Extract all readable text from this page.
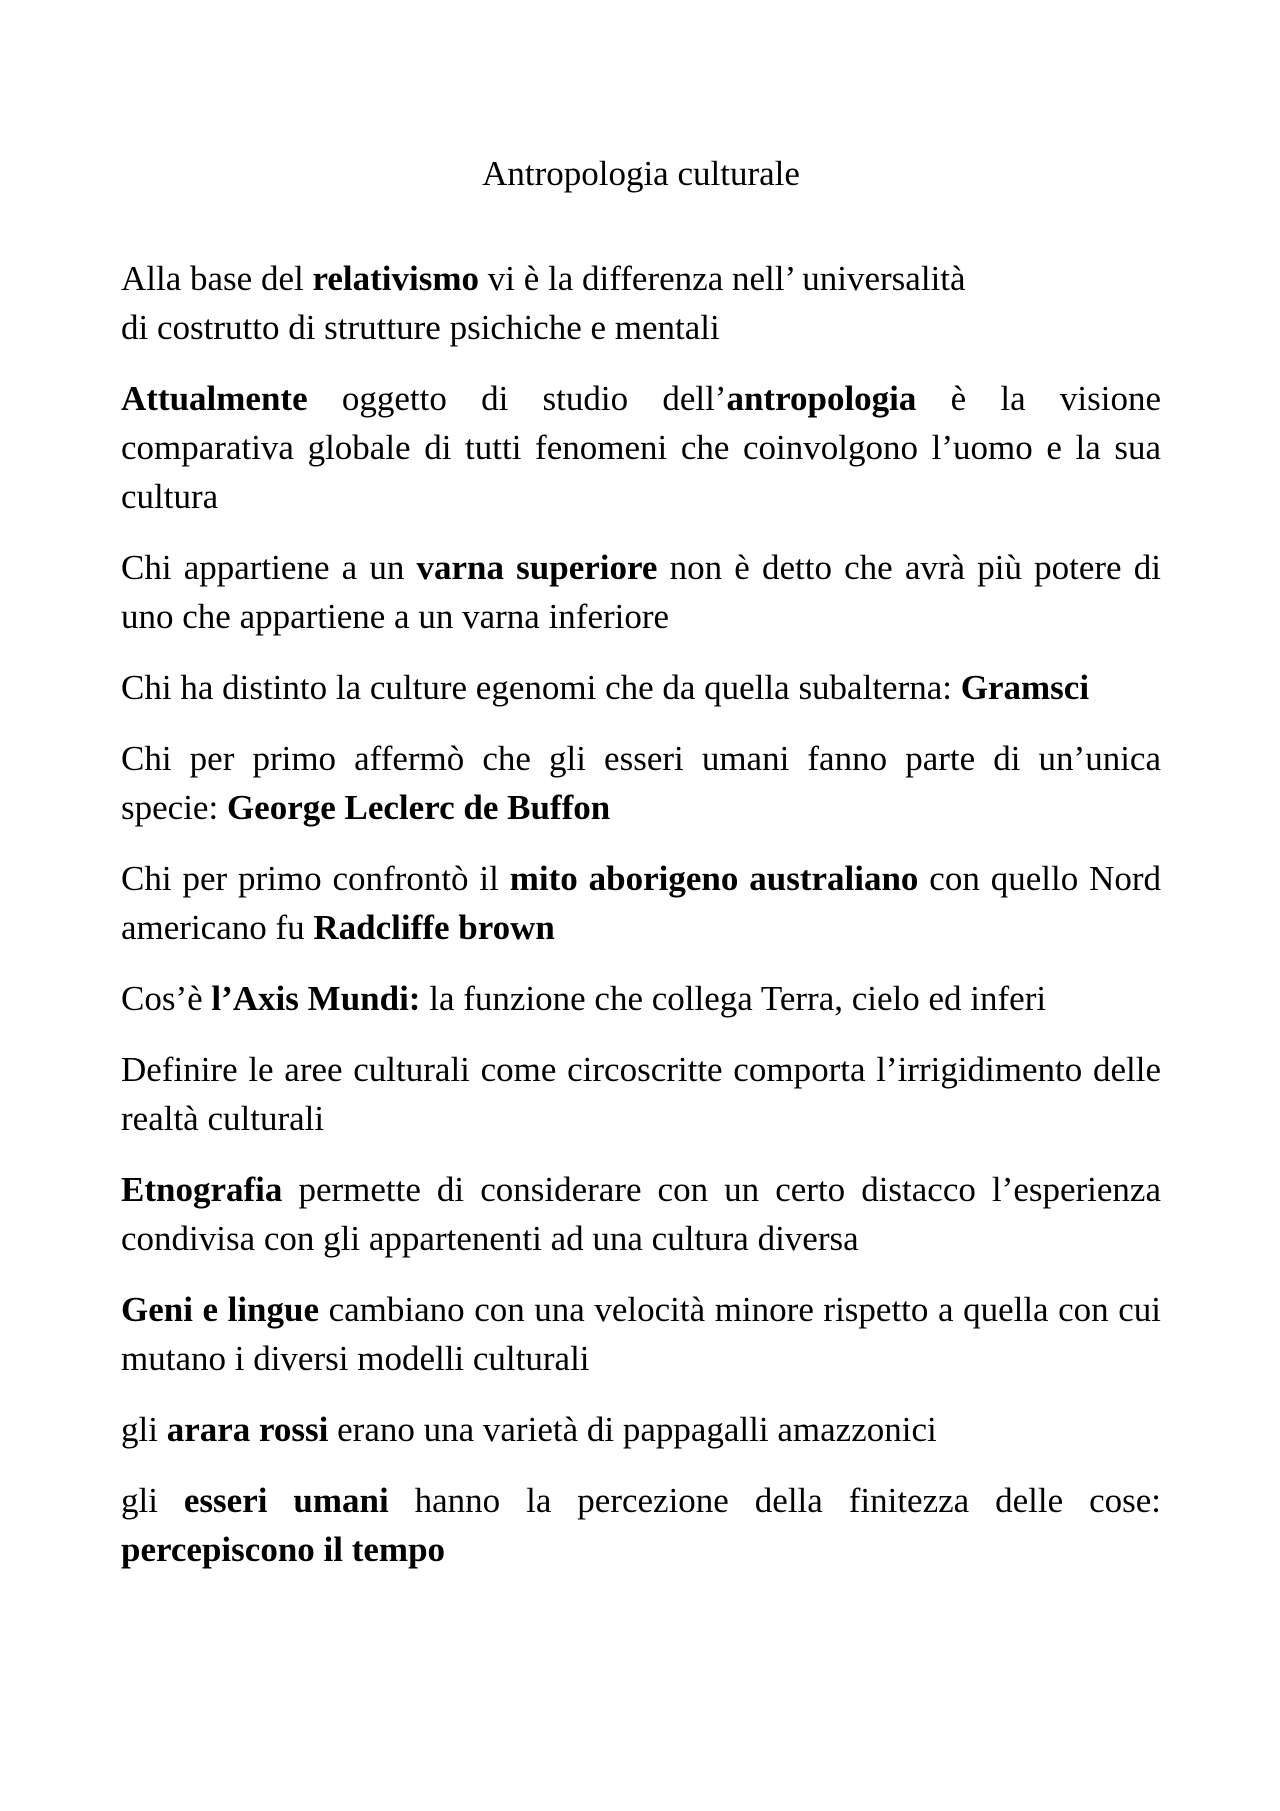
Antropologia culturale

Alla base del relativismo vi è la differenza nell’ universalità
di costrutto di strutture psichiche e mentali

Attualmente oggetto di studio dell’antropologia è la visione comparativa globale di tutti fenomeni che coinvolgono l’uomo e la sua cultura

Chi appartiene a un varna superiore non è detto che avrà più potere di uno che appartiene a un varna inferiore

Chi ha distinto la culture egenomi che da quella subalterna: Gramsci

Chi per primo affermò che gli esseri umani fanno parte di un’unica specie: George Leclerc de Buffon

Chi per primo confrontò il mito aborigeno australiano con quello Nord americano fu Radcliffe brown

Cos’è l’Axis Mundi: la funzione che collega Terra, cielo ed inferi

Definire le aree culturali come circoscritte comporta l’irrigidimento delle realtà culturali

Etnografia permette di considerare con un certo distacco l’esperienza condivisa con gli appartenenti ad una cultura diversa

Geni e lingue cambiano con una velocità minore rispetto a quella con cui mutano i diversi modelli culturali

gli arara rossi erano una varietà di pappagalli amazzonici

gli esseri umani hanno la percezione della finitezza delle cose: percepiscono il tempo
